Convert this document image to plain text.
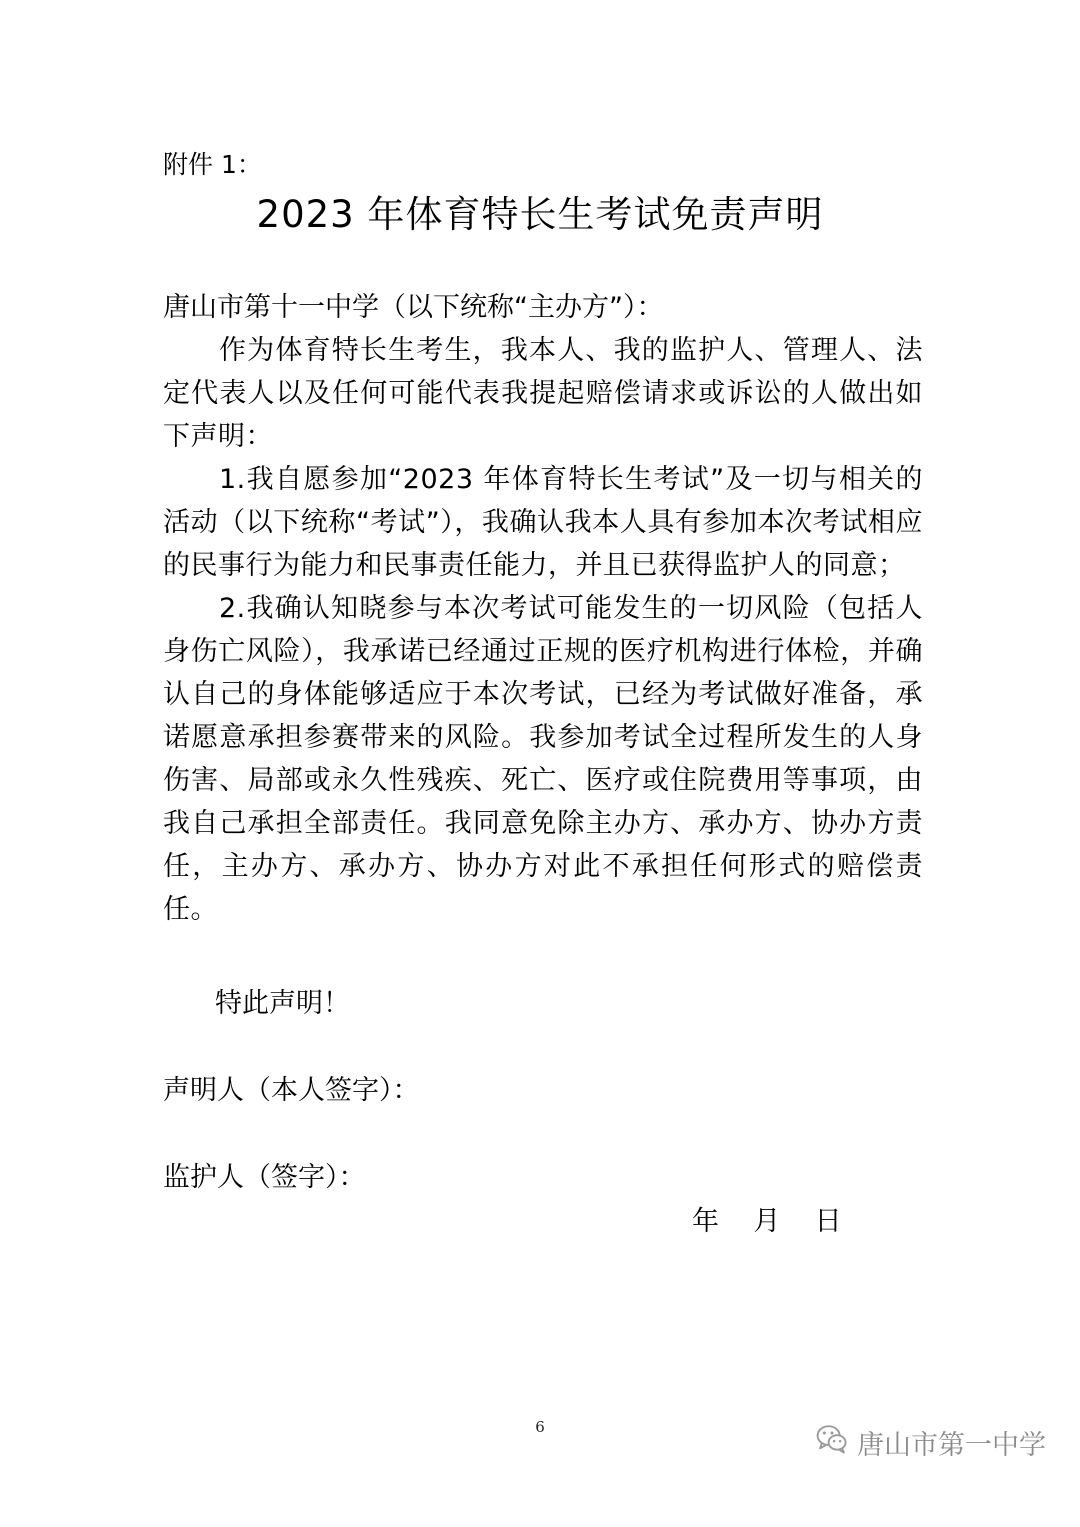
附件 1：
2023 年体育特长生考试免责声明
唐山市第十一中学（以下统称“主办方”）：

作为体育特长生考生，我本人、我的监护人、管理人、法定代表人以及任何可能代表我提起赔偿请求或诉讼的人做出如下声明：

1.我自愿参加“2023 年体育特长生考试”及一切与相关的活动（以下统称“考试”），我确认我本人具有参加本次考试相应的民事行为能力和民事责任能力，并且已获得监护人的同意；

2.我确认知晓参与本次考试可能发生的一切风险（包括人身伤亡风险），我承诺已经通过正规的医疗机构进行体检，并确认自己的身体能够适应于本次考试，已经为考试做好准备，承诺愿意承担参赛带来的风险。我参加考试全过程所发生的人身伤害、局部或永久性残疾、死亡、医疗或住院费用等事项，由我自己承担全部责任。我同意免除主办方、承办方、协办方责任，主办方、承办方、协办方对此不承担任何形式的赔偿责任。

特此声明！
声明人（本人签字）：
监护人（签字）：
年    月    日
6
唐山市第一中学
